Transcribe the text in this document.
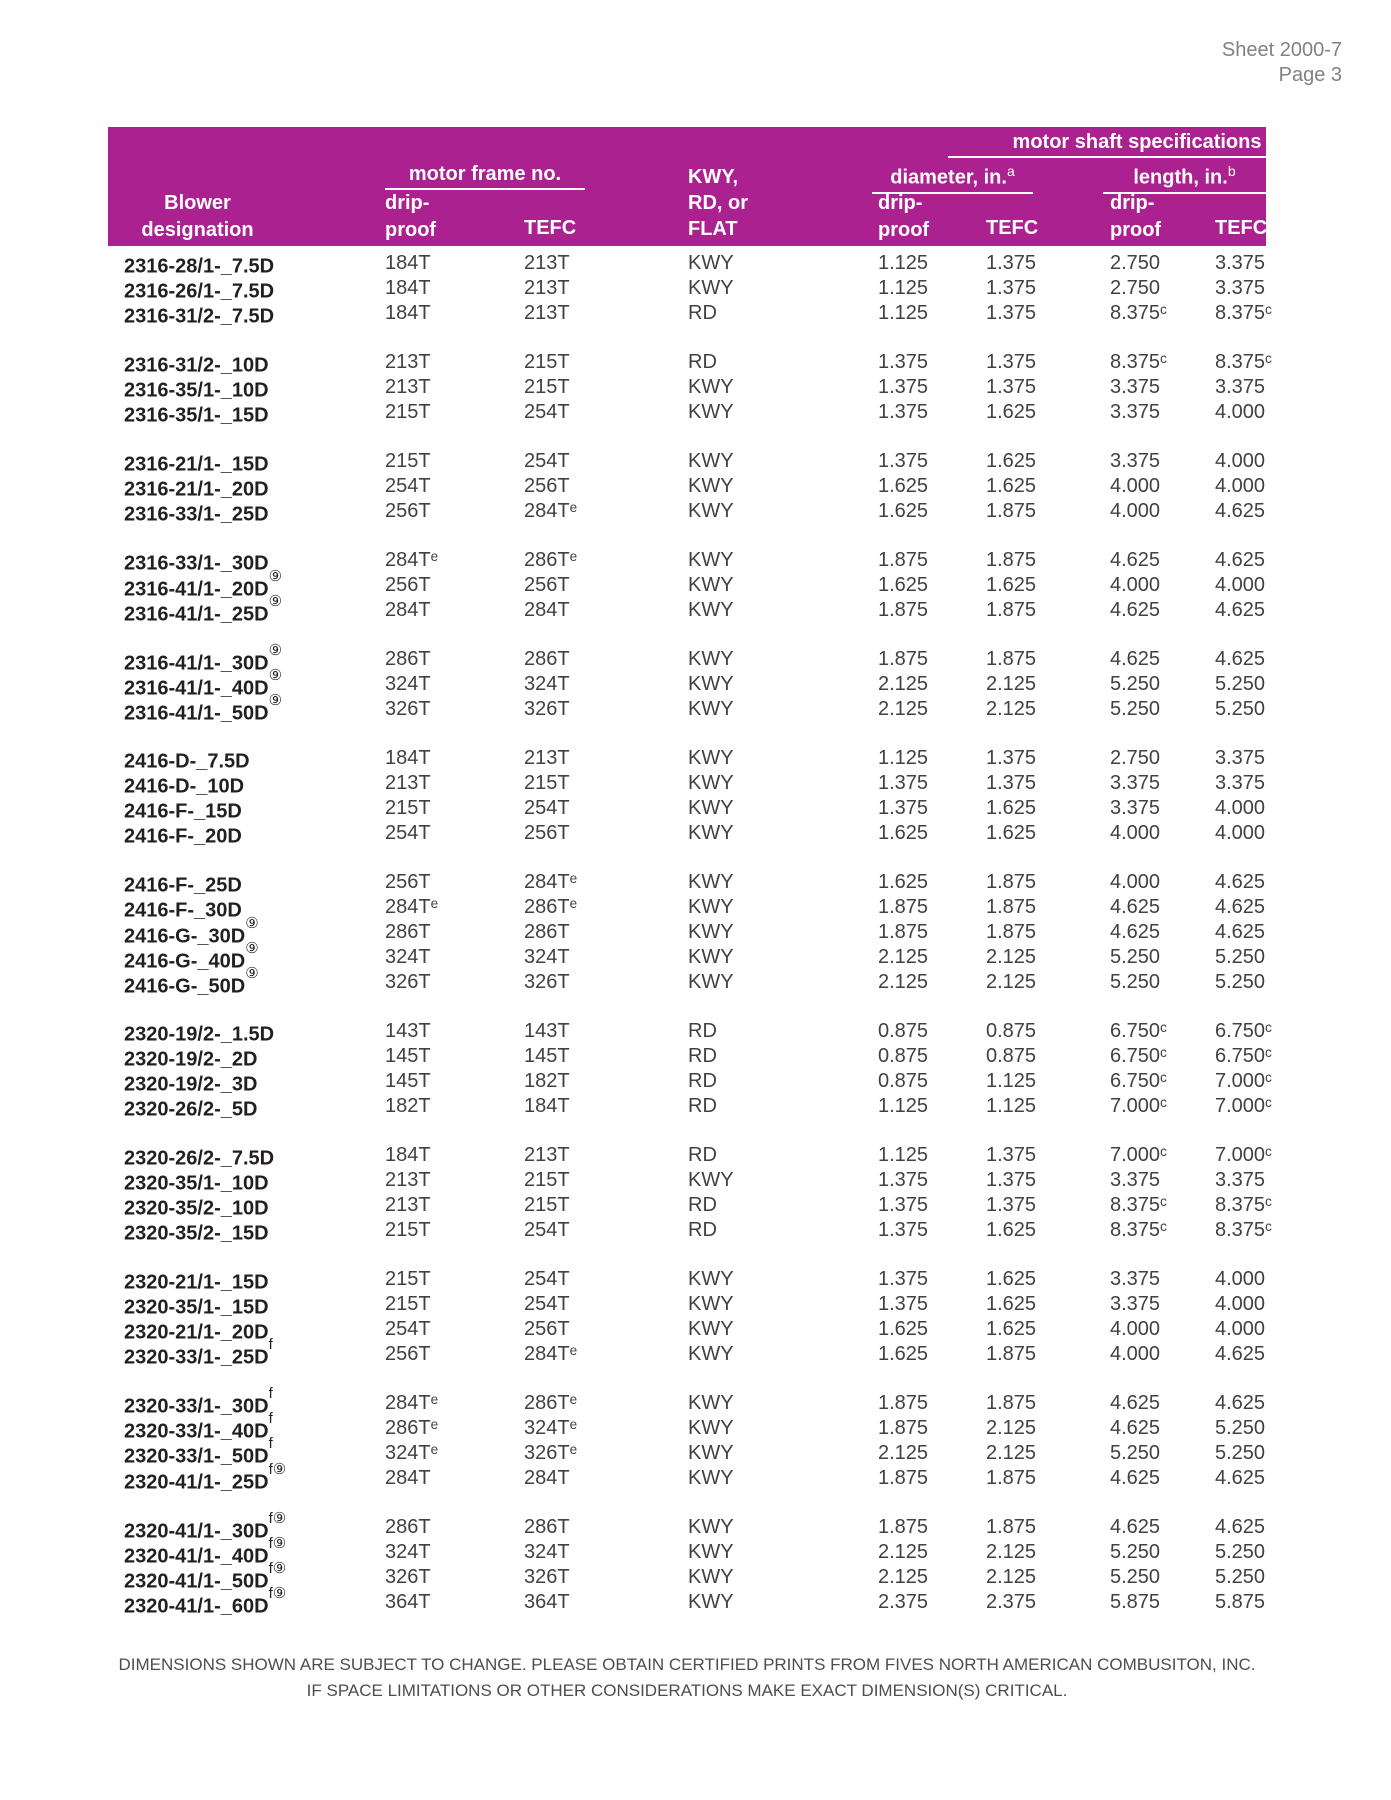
Sheet 2000-7
Page 3
motor shaft specifications
motor frame no.	diameter, in.$^a$	length, in.$^b$
KWY,
RD, or
FLAT
Blower
designation
drip-
proof	TEFC
drip-
proof	TEFC
drip-
proof	TEFC
2316-28/1-_7.5D	184T	213T	KWY	1.125	1.375	2.750	3.375
2316-26/1-_7.5D	184T	213T	KWY	1.125	1.375	2.750	3.375
2316-31/2-_7.5D	184T	213T	RD	1.125	1.375	8.375ᶜ 8.375ᶜ
2316-31/2-_10D	213T	215T	RD	1.375	1.375	8.375ᶜ 8.375ᶜ
2316-35/1-_10D	213T	215T	KWY	1.375	1.375	3.375	3.375
2316-35/1-_15D	215T	254T	KWY	1.375	1.625	3.375	4.000
2316-21/1-_15D	215T	254T	KWY	1.375	1.625	3.375	4.000
2316-21/1-_20D	254T	256T	KWY	1.625	1.625	4.000	4.000
2316-33/1-_25D	256T	284Tᵉ	KWY	1.625	1.875	4.000	4.625
2316-33/1-_30D	284Tᵉ	286Tᵉ	KWY	1.875	1.875	4.625	4.625
2316-41/1-_20D⑨	256T	256T	KWY	1.625	1.625	4.000	4.000
2316-41/1-_25D⑨	284T	284T	KWY	1.875	1.875	4.625	4.625
2316-41/1-_30D⑨	286T	286T	KWY	1.875	1.875	4.625	4.625
2316-41/1-_40D⑨	324T	324T	KWY	2.125	2.125	5.250	5.250
2316-41/1-_50D⑨	326T	326T	KWY	2.125	2.125	5.250	5.250
2416-D-_7.5D	184T	213T	KWY	1.125	1.375	2.750	3.375
2416-D-_10D	213T	215T	KWY	1.375	1.375	3.375	3.375
2416-F-_15D	215T	254T	KWY	1.375	1.625	3.375	4.000
2416-F-_20D	254T	256T	KWY	1.625	1.625	4.000	4.000
2416-F-_25D	256T	284Tᵉ	KWY	1.625	1.875	4.000	4.625
2416-F-_30D	284Tᵉ	286Tᵉ	KWY	1.875	1.875	4.625	4.625
2416-G-_30D⑨	286T	286T	KWY	1.875	1.875	4.625	4.625
2416-G-_40D⑨	324T	324T	KWY	2.125	2.125	5.250	5.250
2416-G-_50D⑨	326T	326T	KWY	2.125	2.125	5.250	5.250
2320-19/2-_1.5D	143T	143T	RD	0.875	0.875	6.750ᶜ 6.750ᶜ
2320-19/2-_2D	145T	145T	RD	0.875	0.875	6.750ᶜ 6.750ᶜ
2320-19/2-_3D	145T	182T	RD	0.875	1.125	6.750ᶜ 7.000ᶜ
2320-26/2-_5D	182T	184T	RD	1.125	1.125	7.000ᶜ 7.000ᶜ
2320-26/2-_7.5D	184T	213T	RD	1.125	1.375	7.000ᶜ 7.000ᶜ
2320-35/1-_10D	213T	215T	KWY	1.375	1.375	3.375	3.375
2320-35/2-_10D	213T	215T	RD	1.375	1.375	8.375ᶜ 8.375ᶜ
2320-35/2-_15D	215T	254T	RD	1.375	1.625	8.375ᶜ 8.375ᶜ
2320-21/1-_15D	215T	254T	KWY	1.375	1.625	3.375	4.000
2320-35/1-_15D	215T	254T	KWY	1.375	1.625	3.375	4.000
2320-21/1-_20D	254T	256T	KWY	1.625	1.625	4.000	4.000
$2320-33/1-\_25D^f$	256T	284Tᵉ	KWY	1.625	1.875	4.000	4.625
$2320-33/1-\_30D^f$	284Tᵉ	286Tᵉ	KWY	1.875	1.875	4.625	4.625
$2320-33/1-\_40D^f$	286Tᵉ	324Tᵉ	KWY	1.875	2.125	4.625	5.250
$2320-33/1-\_50D^f$	324Tᵉ	326Tᵉ	KWY	2.125	2.125	5.250	5.250
$2320-41/1-\_25D^{f⑨}$	284T	284T	KWY	1.875	1.875	4.625	4.625
$2320-41/1-\_30D^{f⑨}$	286T	286T	KWY	1.875	1.875	4.625	4.625
$2320-41/1-\_40D^{f⑨}$	324T	324T	KWY	2.125	2.125	5.250	5.250
$2320-41/1-\_50D^{f⑨}$	326T	326T	KWY	2.125	2.125	5.250	5.250
$2320-41/1-\_60D^{f⑨}$	364T	364T	KWY	2.375	2.375	5.875	5.875
DIMENSIONS SHOWN ARE SUBJECT TO CHANGE. PLEASE OBTAIN CERTIFIED PRINTS FROM FIVES NORTH AMERICAN COMBUSITON, INC.
IF SPACE LIMITATIONS OR OTHER CONSIDERATIONS MAKE EXACT DIMENSION(S) CRITICAL.
